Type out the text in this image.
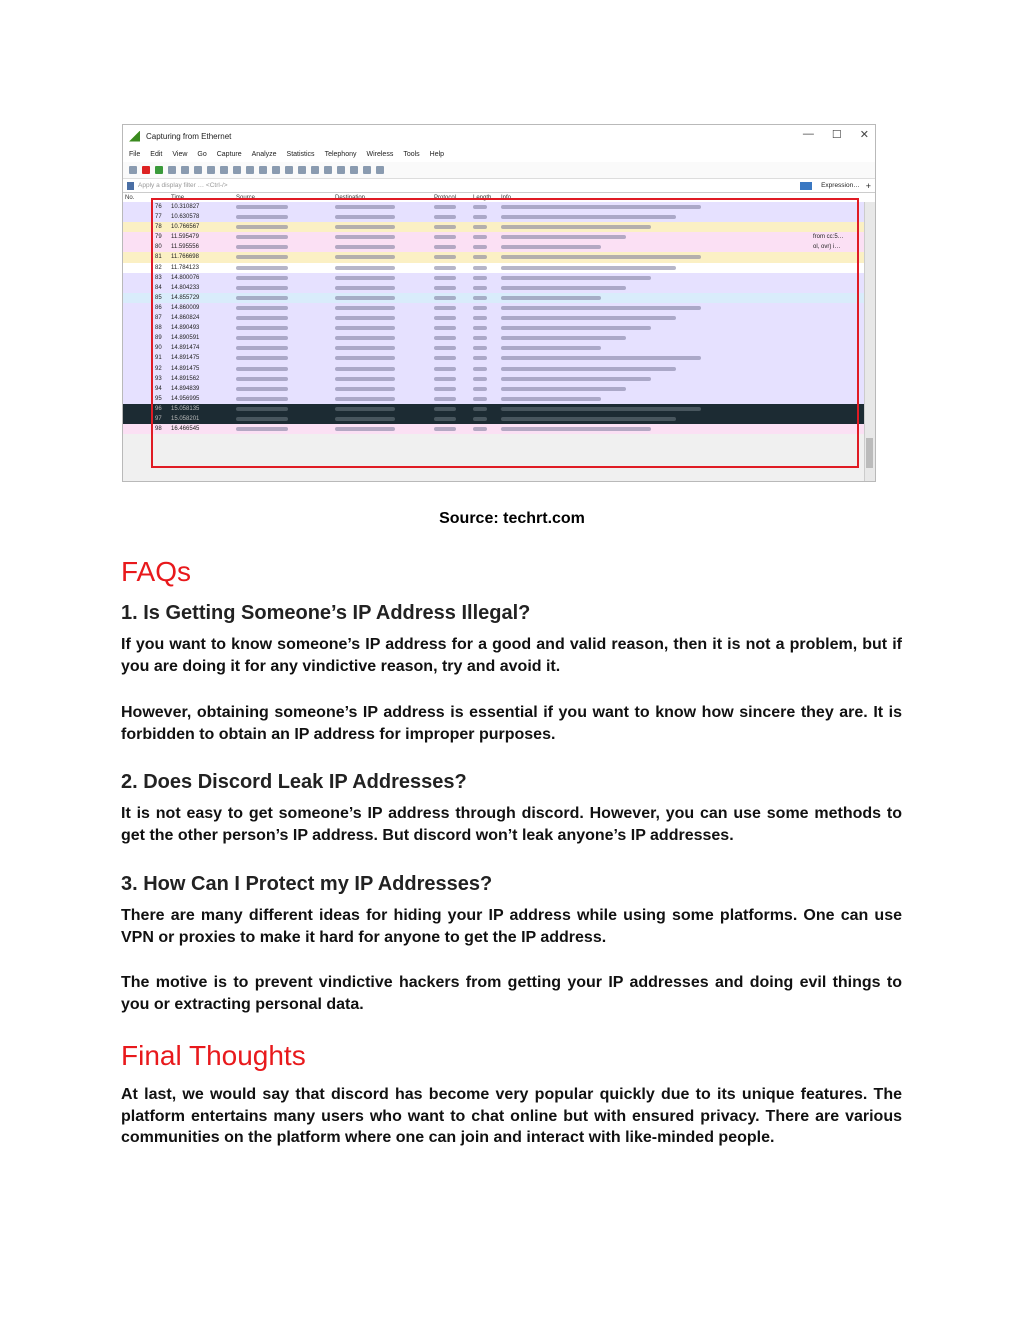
Capturing from Ethernet	— ☐ ✕
File Edit View Go Capture Analyze Statistics Telephony Wireless Tools Help
Apply a display filter … <Ctrl-/>	Expression… +
No.	Time	Source	Destination	Protocol	Length Info
76 10.310827
77 10.630578
78 10.766567
79 11.595479	from cc:5…
80 11.595556	ol, ovr) i…
81 11.766698
82 11.784123
83 14.800076
84 14.804233
85 14.855729
86 14.860009
87 14.860824
88 14.890493
89 14.890591
90 14.891474
91 14.891475
92 14.891475
93 14.891562
94 14.894839
95 14.956995
96 15.058135
97 15.058201
98 16.466545
Source: techrt.com
FAQs
1. Is Getting Someone’s IP Address Illegal?

If you want to know someone’s IP address for a good and valid reason, then it is not a problem, but if you are doing it for any vindictive reason, try and avoid it.

However, obtaining someone’s IP address is essential if you want to know how sincere they are. It is forbidden to obtain an IP address for improper purposes.

2. Does Discord Leak IP Addresses?

It is not easy to get someone’s IP address through discord. However, you can use some methods to get the other person’s IP address. But discord won’t leak anyone’s IP addresses.

3. How Can I Protect my IP Addresses?

There are many different ideas for hiding your IP address while using some platforms. One can use VPN or proxies to make it hard for anyone to get the IP address.

The motive is to prevent vindictive hackers from getting your IP addresses and doing evil things to you or extracting personal data.

Final Thoughts

At last, we would say that discord has become very popular quickly due to its unique features. The platform entertains many users who want to chat online but with ensured privacy. There are various communities on the platform where one can join and interact with like-minded people.
